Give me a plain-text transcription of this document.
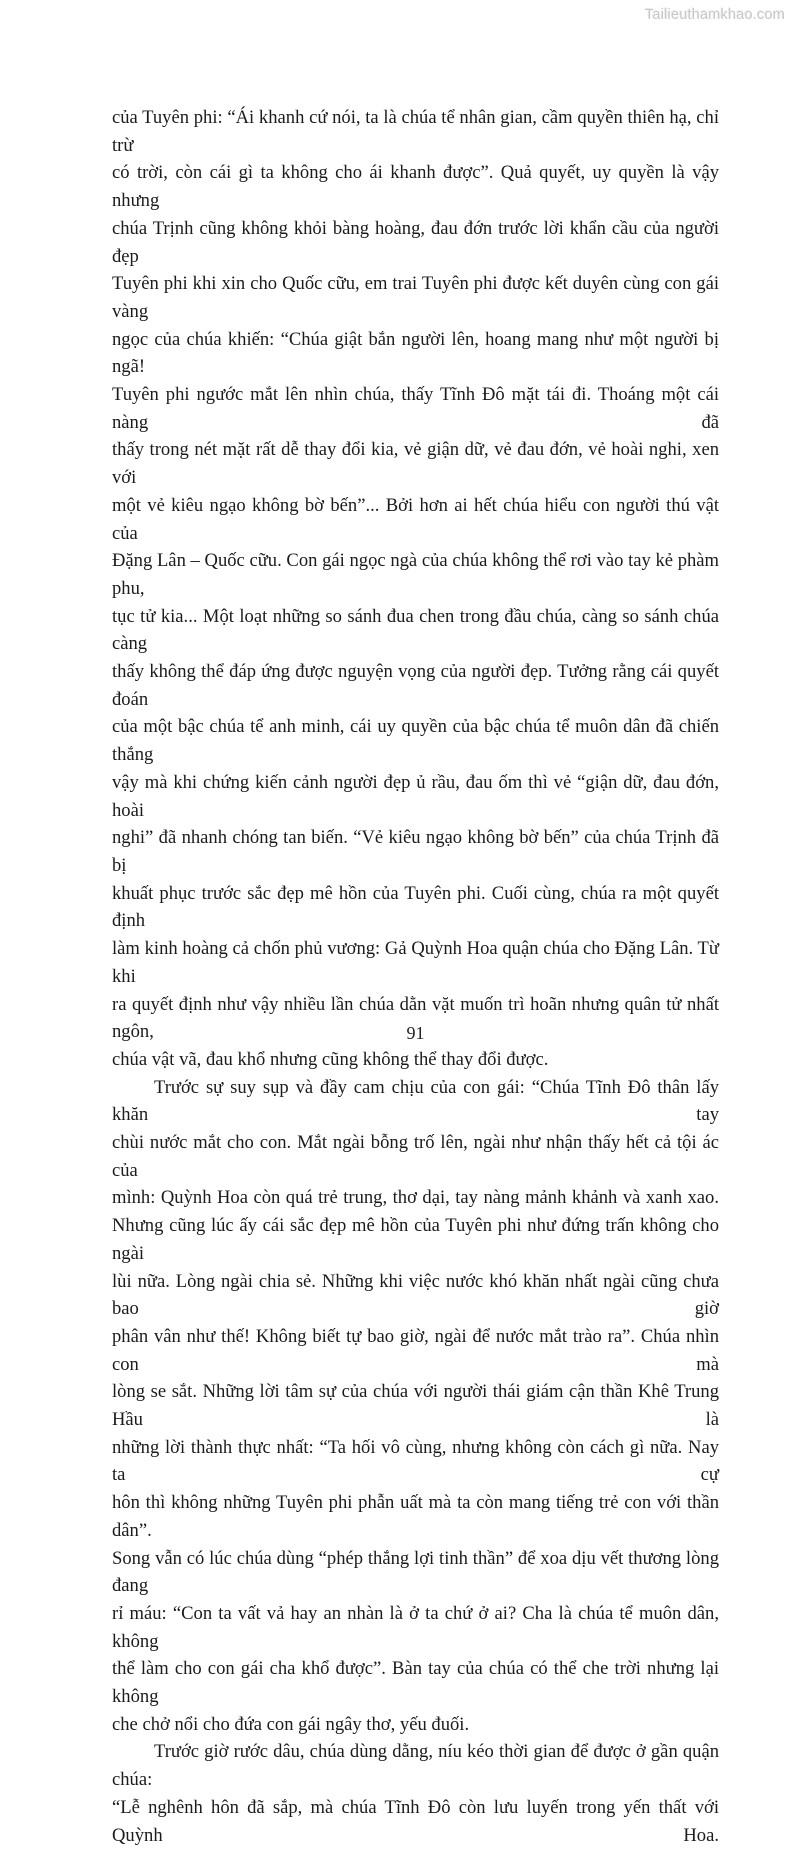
Tailieuthamkhao.com
của Tuyên phi: “Ái khanh cứ nói, ta là chúa tể nhân gian, cầm quyền thiên hạ, chỉ trừ
có trời, còn cái gì ta không cho ái khanh được”. Quả quyết, uy quyền là vậy nhưng
chúa Trịnh cũng không khỏi bàng hoàng, đau đớn trước lời khẩn cầu của người đẹp
Tuyên phi khi xin cho Quốc cữu, em trai Tuyên phi được kết duyên cùng con gái vàng
ngọc của chúa khiến: “Chúa giật bắn người lên, hoang mang như một người bị ngã!
Tuyên phi ngước mắt lên nhìn chúa, thấy Tĩnh Đô mặt tái đi. Thoáng một cái nàng đã
thấy trong nét mặt rất dễ thay đổi kia, vẻ giận dữ, vẻ đau đớn, vẻ hoài nghi, xen với
một vẻ kiêu ngạo không bờ bến”... Bởi hơn ai hết chúa hiểu con người thú vật của
Đặng Lân – Quốc cữu. Con gái ngọc ngà của chúa không thể rơi vào tay kẻ phàm phu,
tục tử kia... Một loạt những so sánh đua chen trong đầu chúa, càng so sánh chúa càng
thấy không thể đáp ứng được nguyện vọng của người đẹp. Tưởng rằng cái quyết đoán
của một bậc chúa tể anh minh, cái uy quyền của bậc chúa tể muôn dân đã chiến thắng
vậy mà khi chứng kiến cảnh người đẹp ủ rầu, đau ốm thì vẻ “giận dữ, đau đớn, hoài
nghi” đã nhanh chóng tan biến. “Vẻ kiêu ngạo không bờ bến” của chúa Trịnh đã bị
khuất phục trước sắc đẹp mê hồn của Tuyên phi. Cuối cùng, chúa ra một quyết định
làm kinh hoàng cả chốn phủ vương: Gả Quỳnh Hoa quận chúa cho Đặng Lân. Từ khi
ra quyết định như vậy nhiều lần chúa dằn vặt muốn trì hoãn nhưng quân tử nhất ngôn,
chúa vật vã, đau khổ nhưng cũng không thể thay đổi được.
Trước sự suy sụp và đầy cam chịu của con gái: “Chúa Tĩnh Đô thân lấy khăn tay
chùi nước mắt cho con. Mắt ngài bỗng trố lên, ngài như nhận thấy hết cả tội ác của
mình: Quỳnh Hoa còn quá trẻ trung, thơ dại, tay nàng mảnh khảnh và xanh xao.
Nhưng cũng lúc ấy cái sắc đẹp mê hồn của Tuyên phi như đứng trấn không cho ngài
lùi nữa. Lòng ngài chia sẻ. Những khi việc nước khó khăn nhất ngài cũng chưa bao giờ
phân vân như thế! Không biết tự bao giờ, ngài để nước mắt trào ra”. Chúa nhìn con mà
lòng se sắt. Những lời tâm sự của chúa với người thái giám cận thần Khê Trung Hầu là
những lời thành thực nhất: “Ta hối vô cùng, nhưng không còn cách gì nữa. Nay ta cự
hôn thì không những Tuyên phi phẫn uất mà ta còn mang tiếng trẻ con với thần dân”.
Song vẫn có lúc chúa dùng “phép thắng lợi tinh thần” để xoa dịu vết thương lòng đang
rỉ máu: “Con ta vất vả hay an nhàn là ở ta chứ ở ai? Cha là chúa tể muôn dân, không
thể làm cho con gái cha khổ được”. Bàn tay của chúa có thể che trời nhưng lại không
che chở nổi cho đứa con gái ngây thơ, yếu đuối.
Trước giờ rước dâu, chúa dùng dằng, níu kéo thời gian để được ở gần quận chúa:
“Lễ nghênh hôn đã sắp, mà chúa Tĩnh Đô còn lưu luyến trong yến thất với Quỳnh Hoa.
91
